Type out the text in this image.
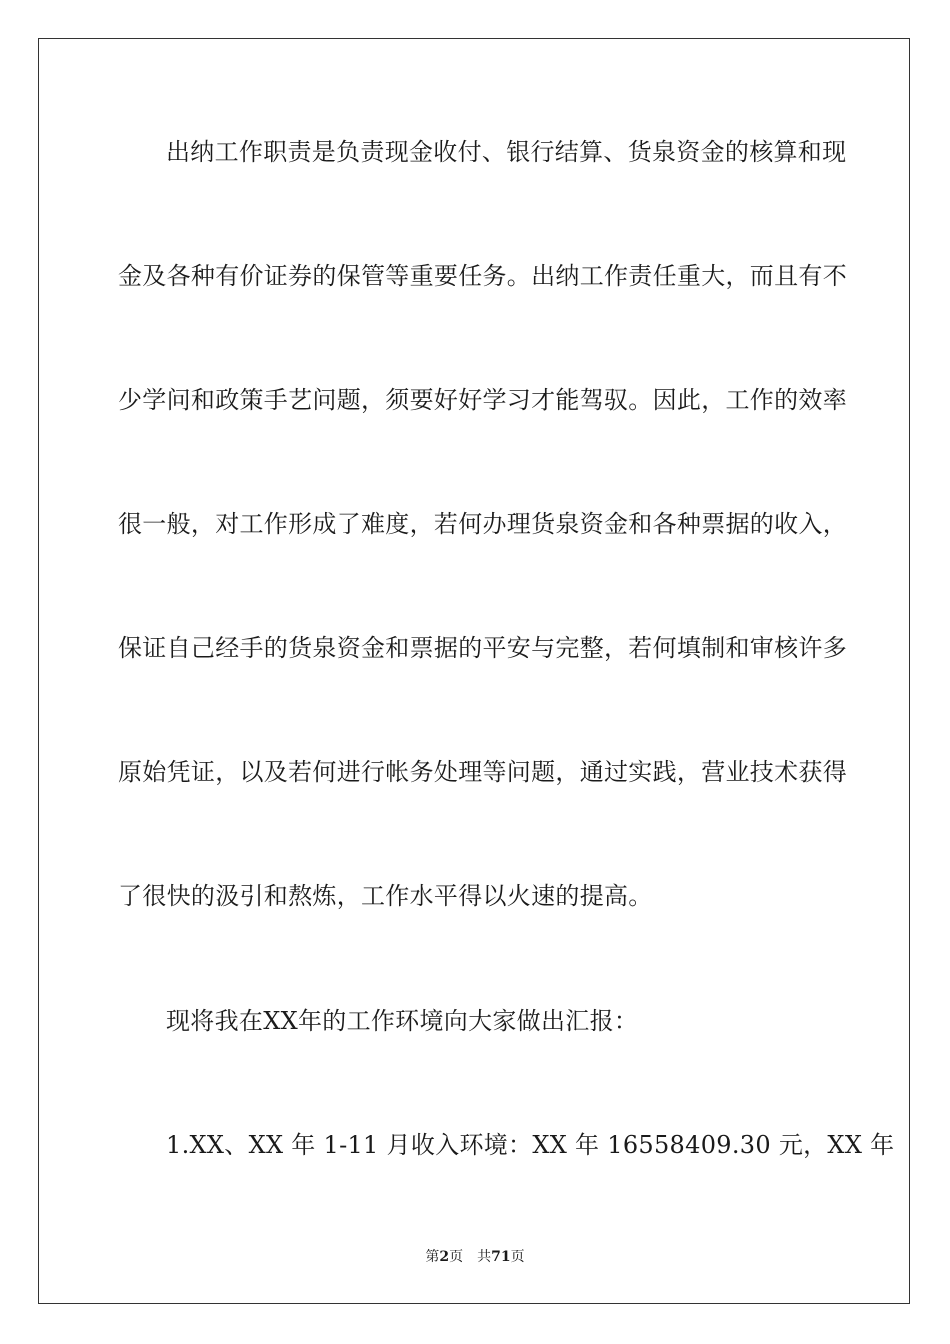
出纳工作职责是负责现金收付、银行结算、货泉资金的核算和现
金及各种有价证券的保管等重要任务。出纳工作责任重大，而且有不
少学问和政策手艺问题，须要好好学习才能驾驭。因此，工作的效率
很一般，对工作形成了难度，若何办理货泉资金和各种票据的收入，
保证自己经手的货泉资金和票据的平安与完整，若何填制和审核许多
原始凭证，以及若何进行帐务处理等问题，通过实践，营业技术获得
了很快的汲引和熬炼，工作水平得以火速的提高。
现将我在XX年的工作环境向大家做出汇报：
1.XX、XX 年 1-11 月收入环境：XX 年 16558409.30 元，XX 年
第2页 共71页
